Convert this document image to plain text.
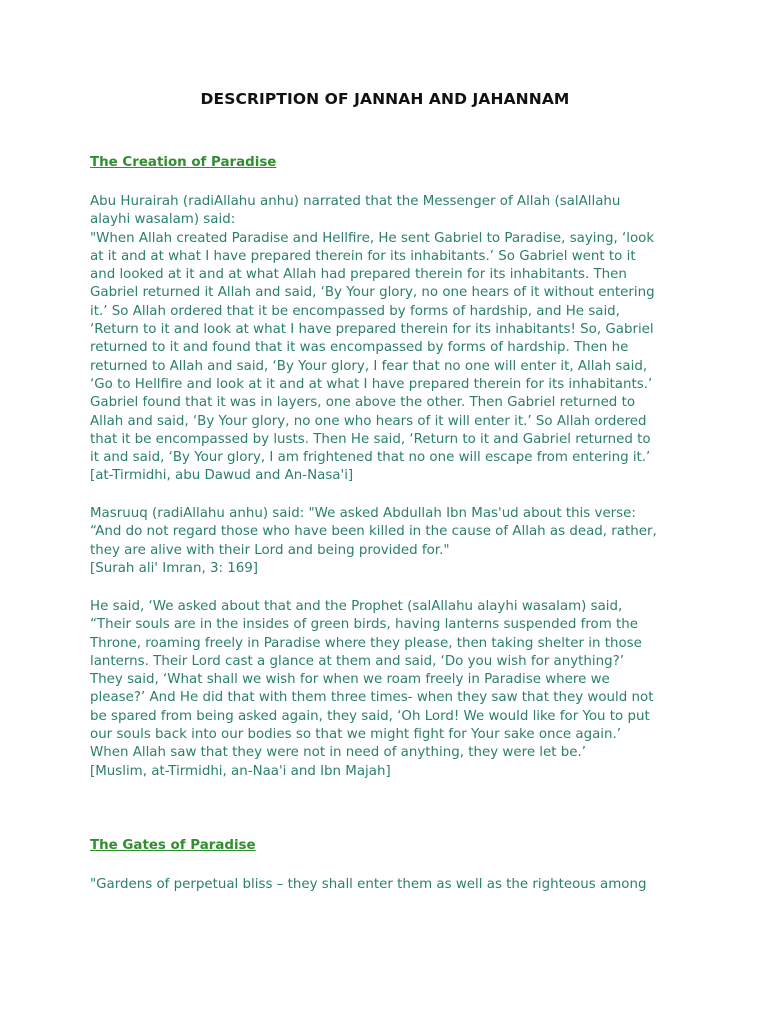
DESCRIPTION OF JANNAH AND JAHANNAM
The Creation of Paradise

Abu Hurairah (radiAllahu anhu) narrated that the Messenger of Allah (salAllahu
alayhi wasalam) said:
"When Allah created Paradise and Hellfire, He sent Gabriel to Paradise, saying, ‘look
at it and at what I have prepared therein for its inhabitants.’ So Gabriel went to it
and looked at it and at what Allah had prepared therein for its inhabitants. Then
Gabriel returned it Allah and said, ‘By Your glory, no one hears of it without entering
it.’ So Allah ordered that it be encompassed by forms of hardship, and He said,
‘Return to it and look at what I have prepared therein for its inhabitants! So, Gabriel
returned to it and found that it was encompassed by forms of hardship. Then he
returned to Allah and said, ‘By Your glory, I fear that no one will enter it, Allah said,
‘Go to Hellfire and look at it and at what I have prepared therein for its inhabitants.’
Gabriel found that it was in layers, one above the other. Then Gabriel returned to
Allah and said, ‘By Your glory, no one who hears of it will enter it.’ So Allah ordered
that it be encompassed by lusts. Then He said, ‘Return to it and Gabriel returned to
it and said, ‘By Your glory, I am frightened that no one will escape from entering it.’
[at-Tirmidhi, abu Dawud and An-Nasa'i]

Masruuq (radiAllahu anhu) said: "We asked Abdullah Ibn Mas'ud about this verse:
“And do not regard those who have been killed in the cause of Allah as dead, rather,
they are alive with their Lord and being provided for."
[Surah ali' Imran, 3: 169]

He said, ‘We asked about that and the Prophet (salAllahu alayhi wasalam) said,
“Their souls are in the insides of green birds, having lanterns suspended from the
Throne, roaming freely in Paradise where they please, then taking shelter in those
lanterns. Their Lord cast a glance at them and said, ‘Do you wish for anything?’
They said, ‘What shall we wish for when we roam freely in Paradise where we
please?’ And He did that with them three times- when they saw that they would not
be spared from being asked again, they said, ‘Oh Lord! We would like for You to put
our souls back into our bodies so that we might fight for Your sake once again.’
When Allah saw that they were not in need of anything, they were let be.’
[Muslim, at-Tirmidhi, an-Naa'i and Ibn Majah]

The Gates of Paradise

"Gardens of perpetual bliss – they shall enter them as well as the righteous among
